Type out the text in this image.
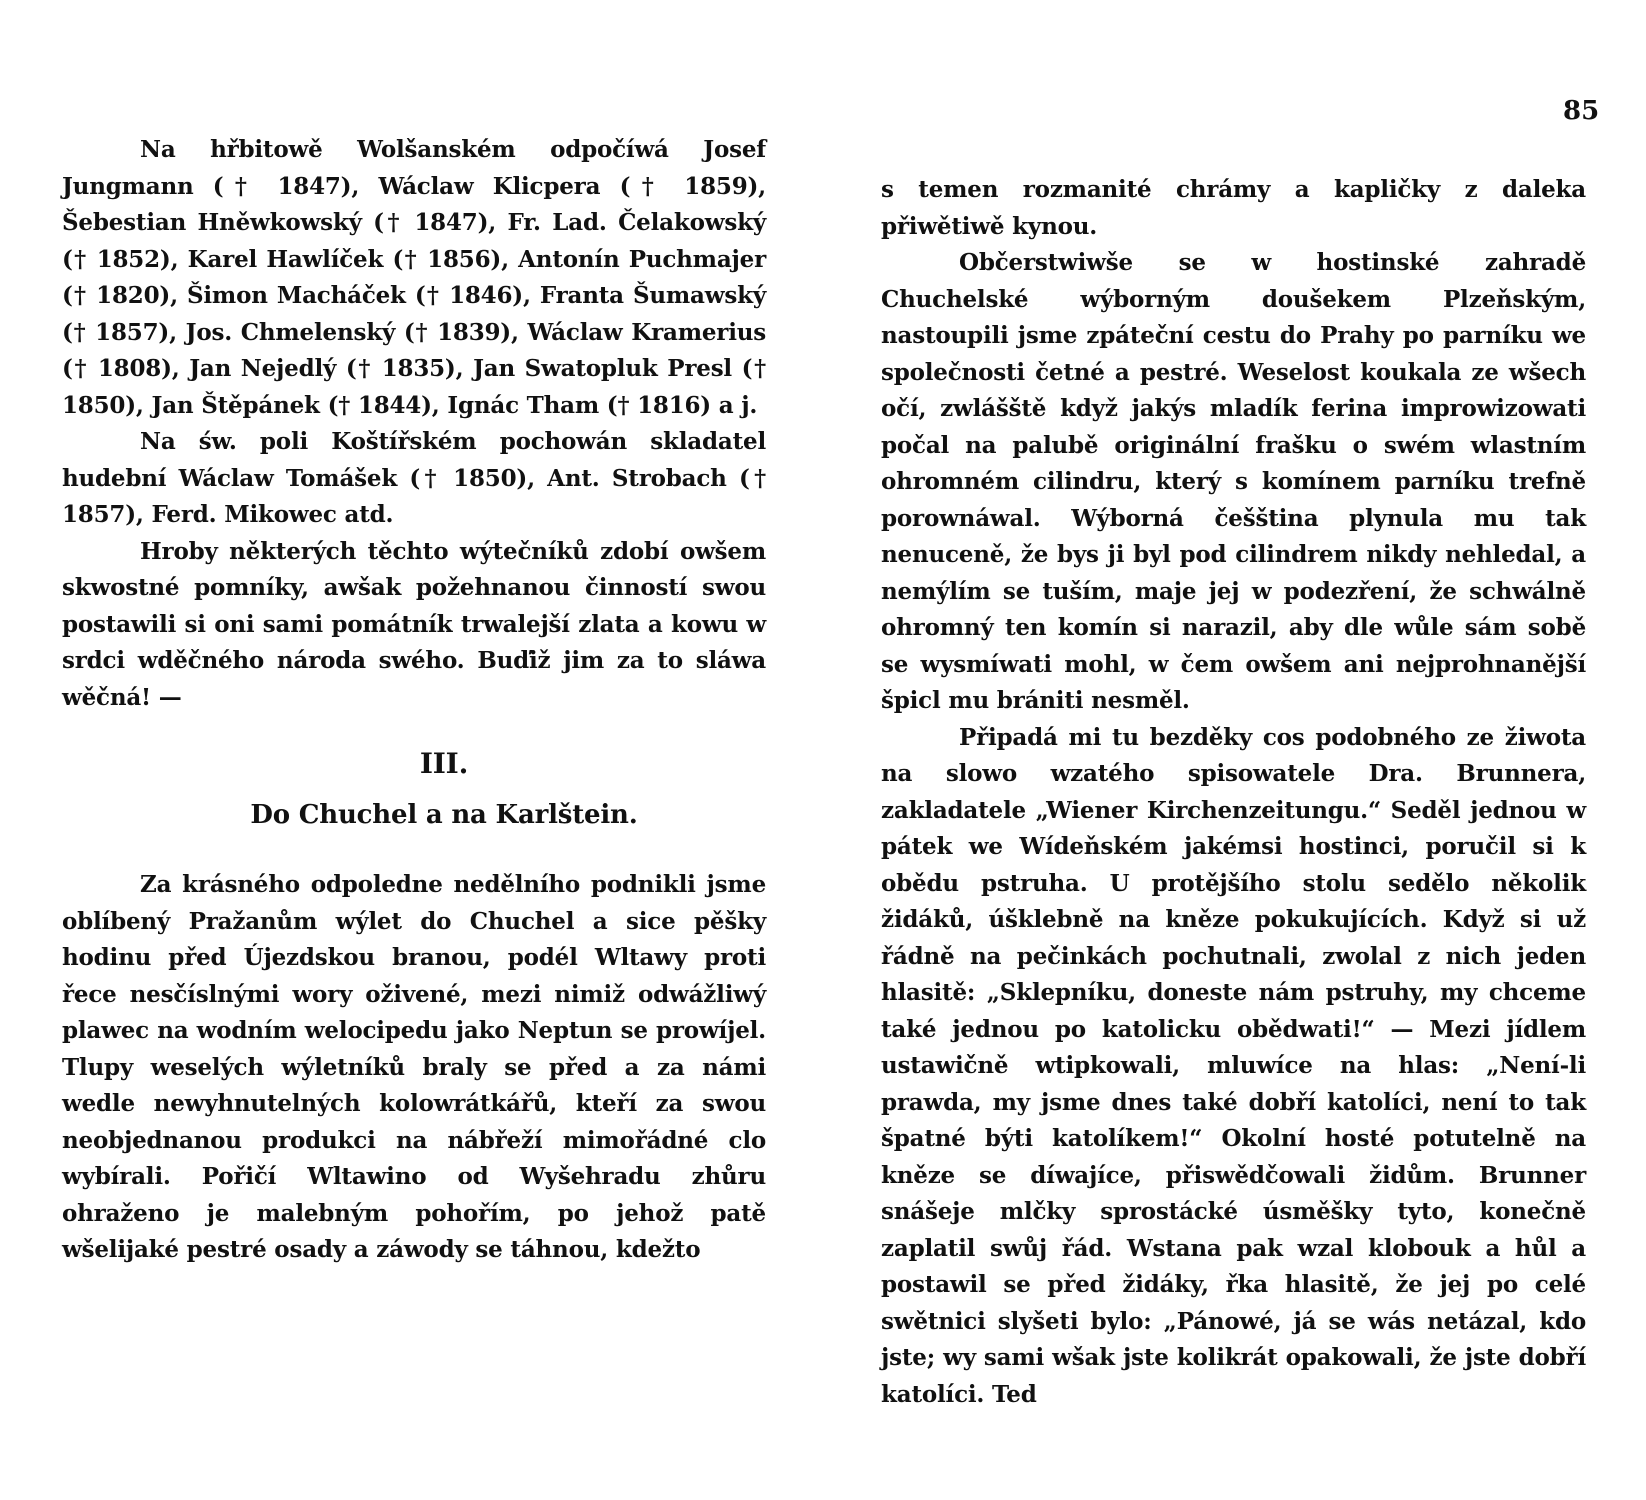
Na hřbitowě Wolšanském odpočíwá Josef Jungmann († 1847), Wáclaw Klicpera († 1859), Šebestian Hněwkowský († 1847), Fr. Lad. Čelakowský († 1852), Karel Hawlíček († 1856), Antonín Puchmajer († 1820), Šimon Macháček († 1846), Franta Šumawský († 1857), Jos. Chmelenský († 1839), Wáclaw Kramerius († 1808), Jan Nejedlý († 1835), Jan Swatopluk Presl († 1850), Jan Štěpánek († 1844), Ignác Tham († 1816) a j.

Na św. poli Koštířském pochowán skladatel hudební Wáclaw Tomášek († 1850), Ant. Strobach († 1857), Ferd. Mikowec atd.

Hroby některých těchto wýtečníků zdobí owšem skwostné pomníky, awšak požehnanou činností swou postawili si oni sami pomátník trwalejší zlata a kowu w srdci wděčného národa swého. Buďiž jim za to sláwa wěčná! —

III.
Do Chuchel a na Karlštein.

Za krásného odpoledne nedělního podnikli jsme oblíbený Pražanům wýlet do Chuchel a sice pěšky hodinu před Újezdskou branou, podél Wltawy proti řece nesčíslnými wory oživené, mezi nimiž odwážliwý plawec na wodním welocipedu jako Neptun se prowíjel. Tlupy weselých wýletníků braly se před a za námi wedle newyhnutelných kolowrátkářů, kteří za swou neobjednanou produkci na nábřeží mimořádné clo wybírali. Pořičí Wltawino od Wyšehradu zhůru ohraženo je malebným pohořím, po jehož patě wšelijaké pestré osady a záwody se táhnou, kdežto

85

s temen rozmanité chrámy a kapličky z daleka přiwětiwě kynou.

Občerstwiwše se w hostinské zahradě Chuchelské wýborným doušekem Plzeňským, nastoupili jsme zpáteční cestu do Prahy po parníku we společnosti četné a pestré. Weselost koukala ze wšech očí, zwlášště když jakýs mladík ferina improwizowati počal na palubě originální frašku o swém wlastním ohromném cilindru, který s komínem parníku trefně porownáwal. Wýborná češština plynula mu tak nenuceně, že bys ji byl pod cilindrem nikdy nehledal, a nemýlím se tuším, maje jej w podezření, že schwálně ohromný ten komín si narazil, aby dle wůle sám sobě se wysmíwati mohl, w čem owšem ani nejprohnanější špicl mu brániti nesměl.

Připadá mi tu bezděky cos podobného ze žiwota na slowo wzatého spisowatele Dra. Brunnera, zakladatele „Wiener Kirchenzeitungu.“ Seděl jednou w pátek we Wídeňském jakémsi hostinci, poručil si k obědu pstruha. U protějšího stolu sedělo několik židáků, úšklebně na kněze pokukujících. Když si už řádně na pečinkách pochutnali, zwolal z nich jeden hlasitě: „Sklepníku, doneste nám pstruhy, my chceme také jednou po katolicku obědwati!“ — Mezi jídlem ustawičně wtipkowali, mluwíce na hlas: „Není-li prawda, my jsme dnes také dobří katolíci, není to tak špatné býti katolíkem!“ Okolní hosté potutelně na kněze se díwajíce, přiswědčowali židům. Brunner snášeje mlčky sprostácké úsměšky tyto, konečně zaplatil swůj řád. Wstana pak wzal klobouk a hůl a postawil se před židáky, řka hlasitě, že jej po celé swětnici slyšeti bylo: „Pánowé, já se wás netázal, kdo jste; wy sami wšak jste kolikrát opakowali, že jste dobří katolíci. Ted
